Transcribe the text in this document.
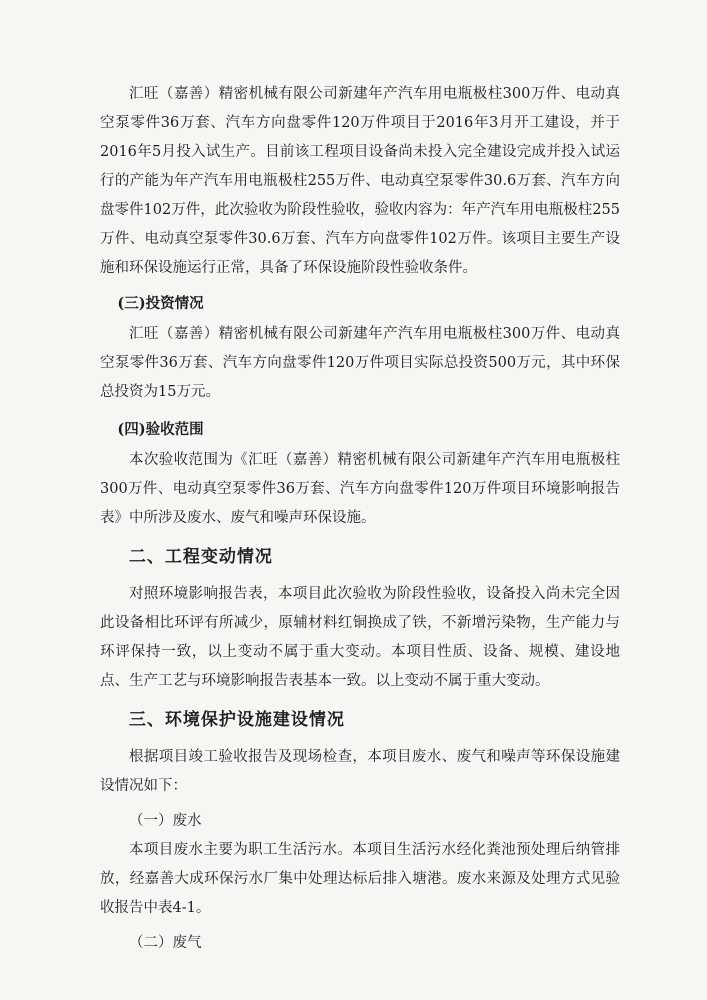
汇旺（嘉善）精密机械有限公司新建年产汽车用电瓶极柱300万件、电动真空泵零件36万套、汽车方向盘零件120万件项目于2016年3月开工建设，并于2016年5月投入试生产。目前该工程项目设备尚未投入完全建设完成并投入试运行的产能为年产汽车用电瓶极柱255万件、电动真空泵零件30.6万套、汽车方向盘零件102万件，此次验收为阶段性验收，验收内容为：年产汽车用电瓶极柱255万件、电动真空泵零件30.6万套、汽车方向盘零件102万件。该项目主要生产设施和环保设施运行正常，具备了环保设施阶段性验收条件。

(三)投资情况

汇旺（嘉善）精密机械有限公司新建年产汽车用电瓶极柱300万件、电动真空泵零件36万套、汽车方向盘零件120万件项目实际总投资500万元，其中环保总投资为15万元。

(四)验收范围

本次验收范围为《汇旺（嘉善）精密机械有限公司新建年产汽车用电瓶极柱300万件、电动真空泵零件36万套、汽车方向盘零件120万件项目环境影响报告表》中所涉及废水、废气和噪声环保设施。

二、工程变动情况

对照环境影响报告表，本项目此次验收为阶段性验收，设备投入尚未完全因此设备相比环评有所减少，原辅材料红铜换成了铁，不新增污染物，生产能力与环评保持一致，以上变动不属于重大变动。本项目性质、设备、规模、建设地点、生产工艺与环境影响报告表基本一致。以上变动不属于重大变动。

三、环境保护设施建设情况

根据项目竣工验收报告及现场检查，本项目废水、废气和噪声等环保设施建设情况如下：

（一）废水

本项目废水主要为职工生活污水。本项目生活污水经化粪池预处理后纳管排放，经嘉善大成环保污水厂集中处理达标后排入塘港。废水来源及处理方式见验收报告中表4-1。

（二）废气
